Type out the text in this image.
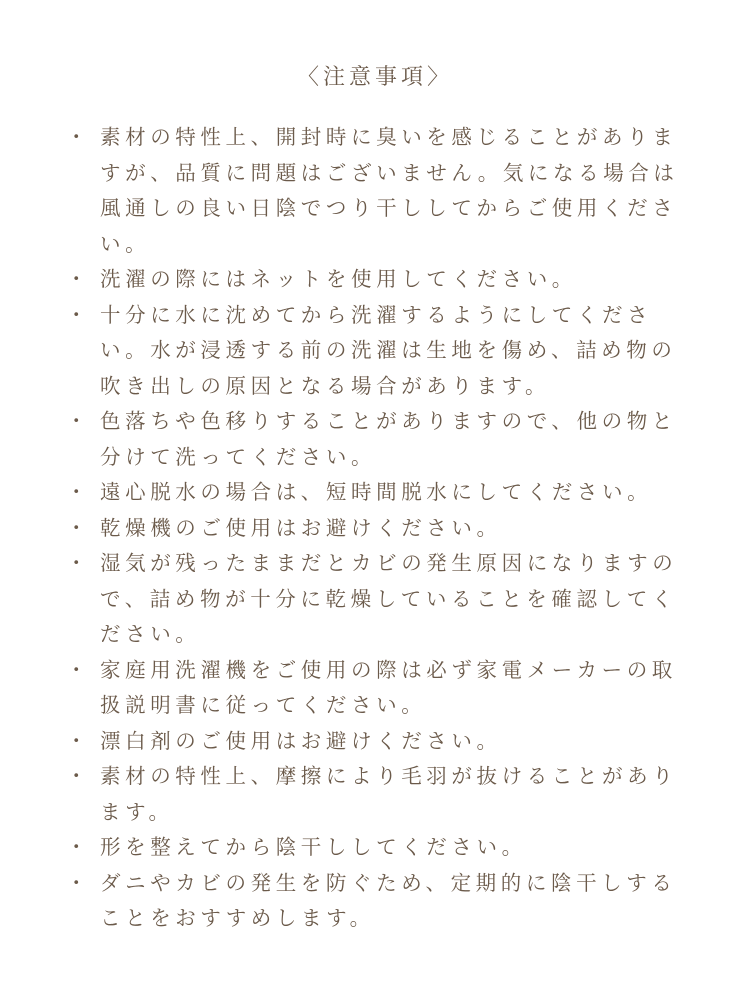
〈注意事項〉
・ 素材の特性上、開封時に臭いを感じることがありますが、品質に問題はございません。気になる場合は風通しの良い日陰でつり干ししてからご使用ください。
・ 洗濯の際にはネットを使用してください。
・ 十分に水に沈めてから洗濯するようにしてください。水が浸透する前の洗濯は生地を傷め、詰め物の吹き出しの原因となる場合があります。
・ 色落ちや色移りすることがありますので、他の物と分けて洗ってください。
・ 遠心脱水の場合は、短時間脱水にしてください。
・ 乾燥機のご使用はお避けください。
・ 湿気が残ったままだとカビの発生原因になりますので、詰め物が十分に乾燥していることを確認してください。
・ 家庭用洗濯機をご使用の際は必ず家電メーカーの取扱説明書に従ってください。
・ 漂白剤のご使用はお避けください。
・ 素材の特性上、摩擦により毛羽が抜けることがあります。
・ 形を整えてから陰干ししてください。
・ ダニやカビの発生を防ぐため、定期的に陰干しすることをおすすめします。
